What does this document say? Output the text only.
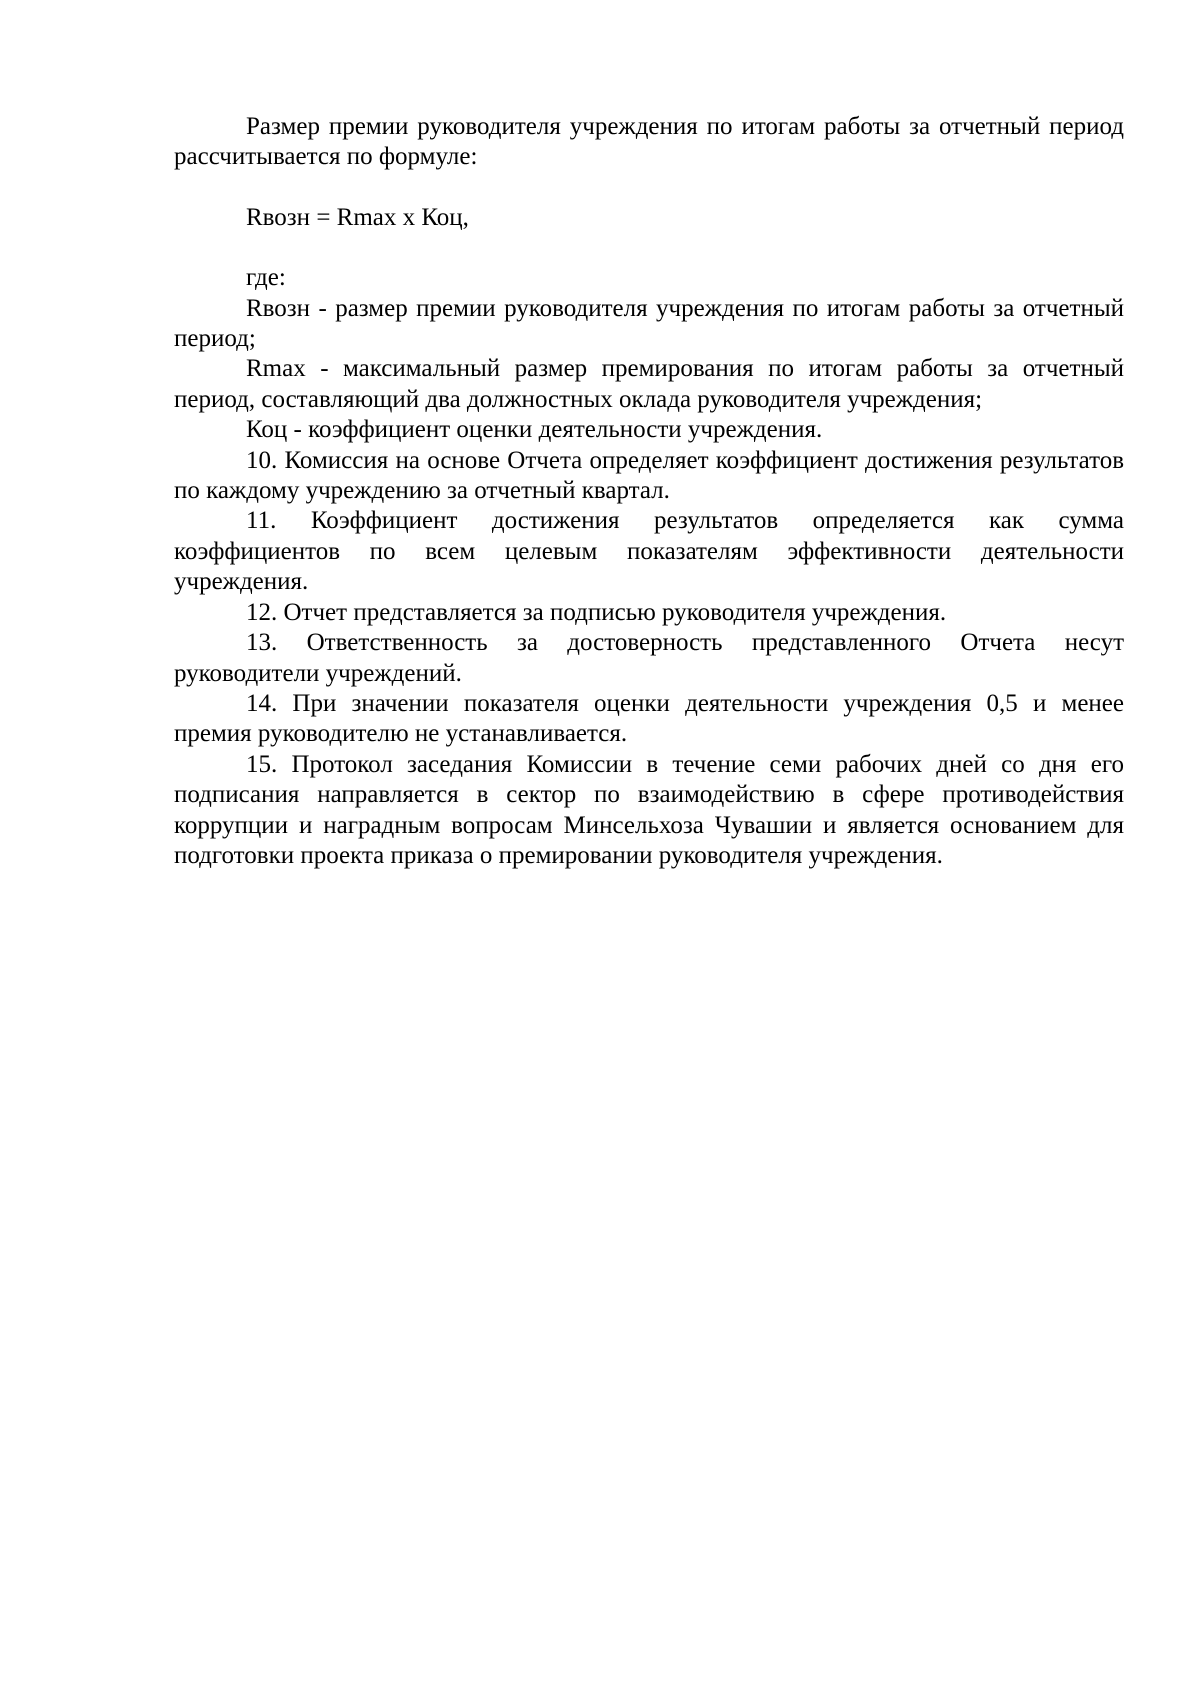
Размер премии руководителя учреждения по итогам работы за отчетный период рассчитывается по формуле:

Rвозн = Rmax x Коц,

где:

Rвозн - размер премии руководителя учреждения по итогам работы за отчетный период;

Rmax - максимальный размер премирования по итогам работы за отчетный период, составляющий два должностных оклада руководителя учреждения;

Коц - коэффициент оценки деятельности учреждения.

10. Комиссия на основе Отчета определяет коэффициент достижения результатов по каждому учреждению за отчетный квартал.

11. Коэффициент достижения результатов определяется как сумма коэффициентов по всем целевым показателям эффективности деятельности учреждения.

12. Отчет представляется за подписью руководителя учреждения.

13. Ответственность за достоверность представленного Отчета несут руководители учреждений.

14. При значении показателя оценки деятельности учреждения 0,5 и менее премия руководителю не устанавливается.

15. Протокол заседания Комиссии в течение семи рабочих дней со дня его подписания направляется в сектор по взаимодействию в сфере противодействия коррупции и наградным вопросам Минсельхоза Чувашии и является основанием для подготовки проекта приказа о премировании руководителя учреждения.
